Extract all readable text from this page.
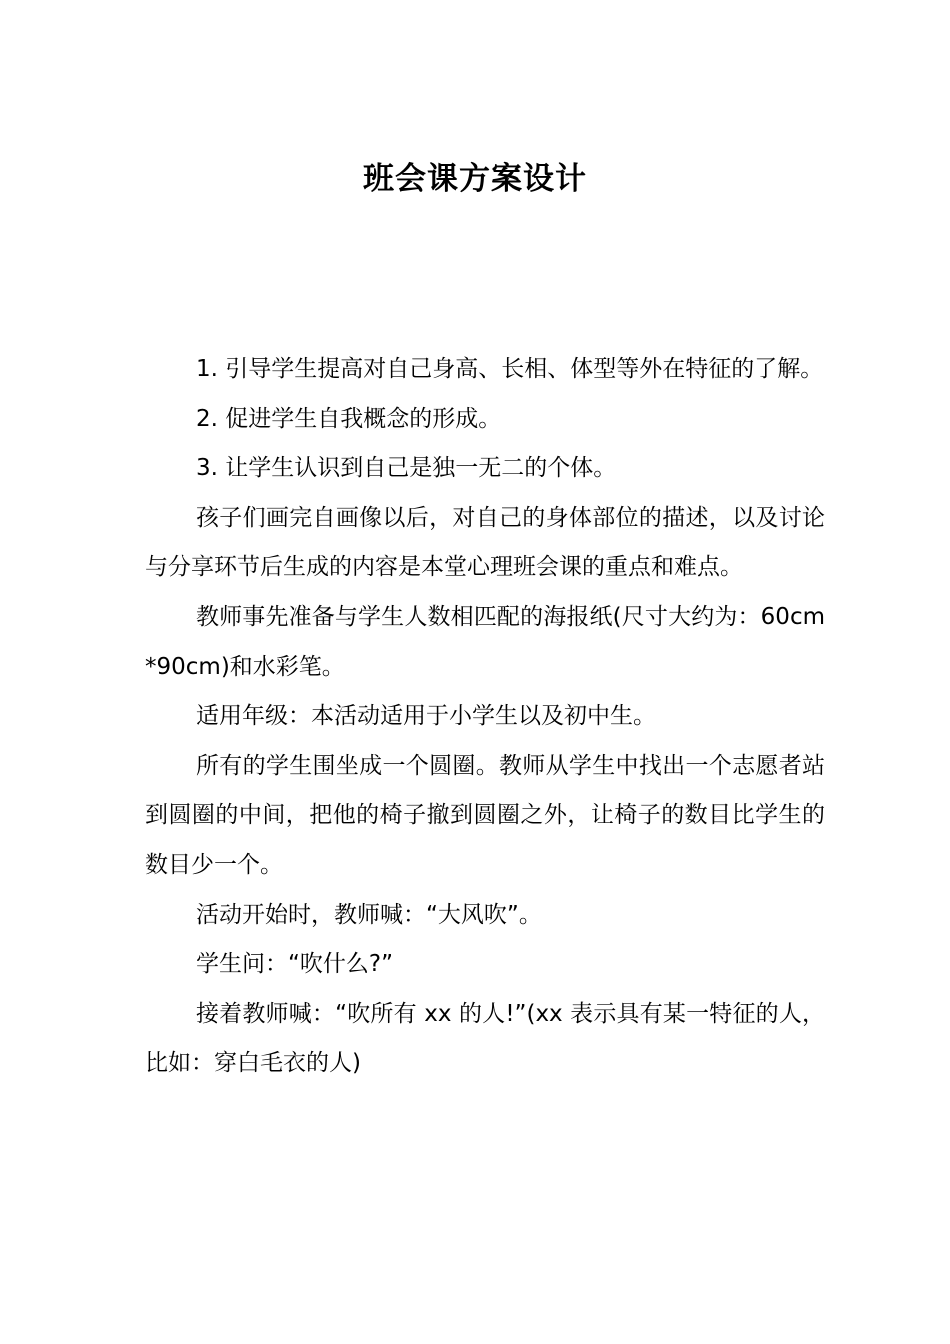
班会课方案设计

1. 引导学生提高对自己身高、长相、体型等外在特征的了解。

2. 促进学生自我概念的形成。

3. 让学生认识到自己是独一无二的个体。

孩子们画完自画像以后，对自己的身体部位的描述，以及讨论与分享环节后生成的内容是本堂心理班会课的重点和难点。

教师事先准备与学生人数相匹配的海报纸(尺寸大约为：60cm*90cm)和水彩笔。

适用年级：本活动适用于小学生以及初中生。

所有的学生围坐成一个圆圈。教师从学生中找出一个志愿者站到圆圈的中间，把他的椅子撤到圆圈之外，让椅子的数目比学生的数目少一个。

活动开始时，教师喊：“大风吹”。

学生问：“吹什么?”

接着教师喊：“吹所有 xx 的人!”(xx 表示具有某一特征的人，比如：穿白毛衣的人)
